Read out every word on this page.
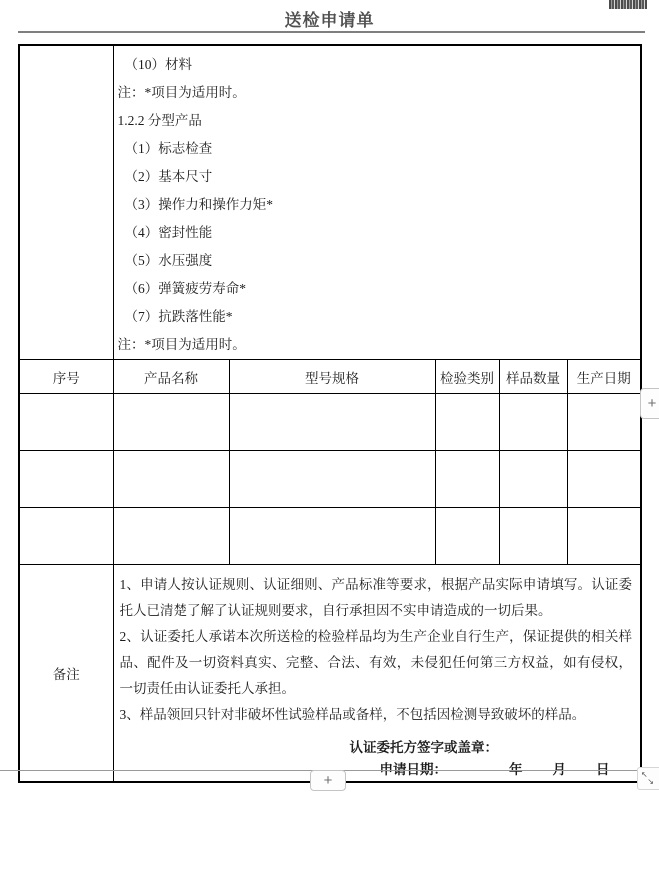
送检申请单

（10）材料
注：*项目为适用时。
1.2.2 分型产品
（1）标志检查
（2）基本尺寸
（3）操作力和操作力矩*
（4）密封性能
（5）水压强度
（6）弹簧疲劳寿命*
（7）抗跌落性能*
注：*项目为适用时。

序号	产品名称	型号规格	检验类别	样品数量	生产日期

备注	1、申请人按认证规则、认证细则、产品标准等要求，根据产品实际申请填写。认证委托人已清楚了解了认证规则要求，自行承担因不实申请造成的一切后果。
2、认证委托人承诺本次所送检的检验样品均为生产企业自行生产，保证提供的相关样品、配件及一切资料真实、完整、合法、有效，未侵犯任何第三方权益，如有侵权，一切责任由认证委托人承担。
3、样品领回只针对非破坏性试验样品或备样，不包括因检测导致破坏的样品。
认证委托方签字或盖章：
申请日期： 年 月 日				
+
+	↖
↘
